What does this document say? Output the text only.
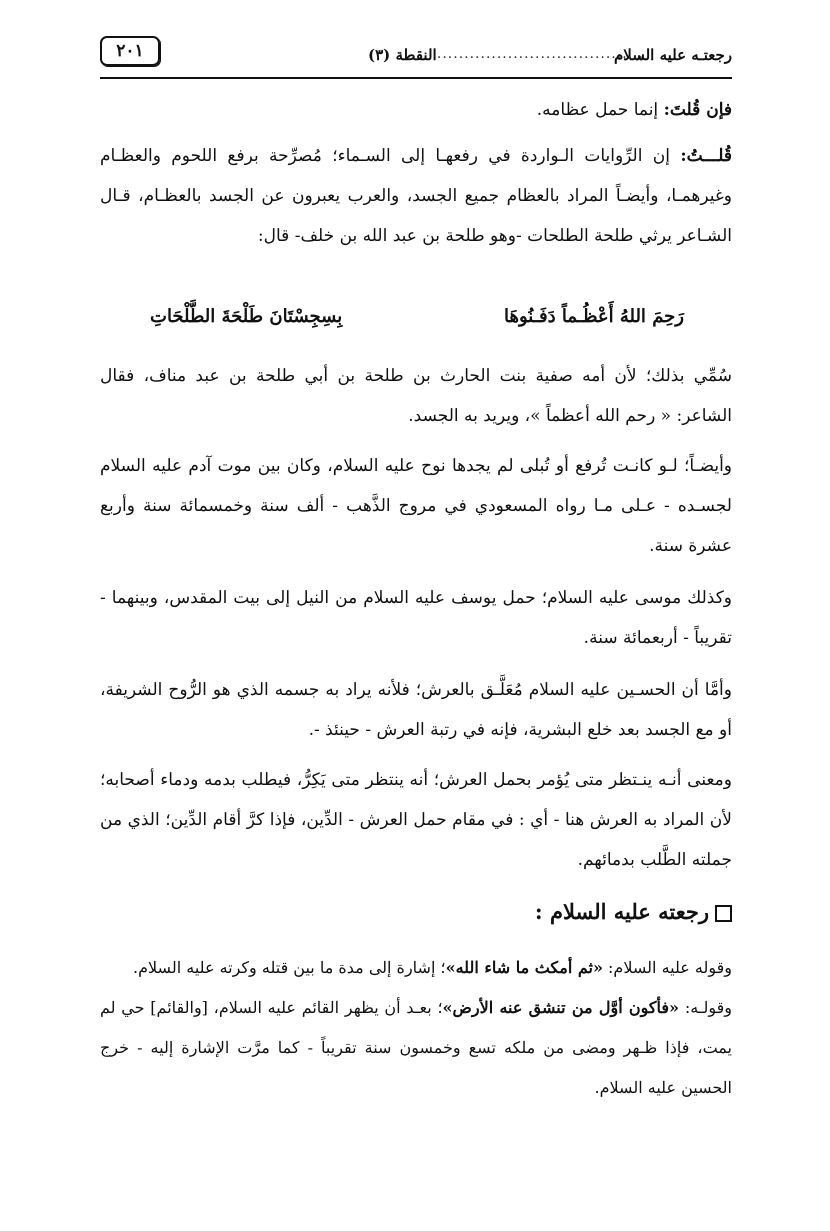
رجعتـه عليه السلام
......................................
النقطة (٣)
٢٠١
فإن قُلتَ: إنما حمل عظامه.
قُلـــتُ: إن الرِّوايات الـواردة في رفعهـا إلى السـماء؛ مُصرِّحة برفع اللحوم والعظـام وغيرهمـا، وأيضـاً المراد بالعظام جميع الجسد، والعرب يعبرون عن الجسد بالعظـام، قـال الشـاعر يرثي طلحة الطلحات -وهو طلحة بن عبد الله بن خلف- قال:
رَحِمَ اللهُ أَعْظُـماً دَفَـنُوهَا
بِسِجِسْتَانَ طَلْحَةَ الطَّلْحَاتِ
سُمِّي بذلك؛ لأن أمه صفية بنت الحارث بن طلحة بن أبي طلحة بن عبد مناف، فقال الشاعر: « رحم الله أعظماً »، ويريد به الجسد.
وأيضـاً؛ لـو كانـت تُرفع أو تُبلى لم يجدها نوح عليه السلام، وكان بين موت آدم عليه السلام لجسـده - عـلى مـا رواه المسعودي في مروج الذَّهب - ألف سنة وخمسمائة سنة وأربع عشرة سنة.
وكذلك موسى عليه السلام؛ حمل يوسف عليه السلام من النيل إلى بيت المقدس، وبينهما - تقريباً - أربعمائة سنة.
وأمَّا أن الحسـين عليه السلام مُعَلَّـق بالعرش؛ فلأنه يراد به جسمه الذي هو الرُّوح الشريفة، أو مع الجسد بعد خلع البشرية، فإنه في رتبة العرش - حينئذ -.
ومعنى أنـه ينـتظر متى يُؤمر بحمل العرش؛ أنه ينتظر متى يَكِرُّ، فيطلب بدمه ودماء أصحابه؛ لأن المراد به العرش هنا - أي : في مقام حمل العرش - الدِّين، فإذا كرَّ أقام الدِّين؛ الذي من جملته الطَّلب بدمائهم.
رجعته عليه السلام :
وقوله عليه السلام: «ثم أمكث ما شاء الله»؛ إشارة إلى مدة ما بين قتله وكرته عليه السلام.
وقولـه: «فأكون أوَّل من تنشق عنه الأرض»؛ بعـد أن يظهر القائم عليه السلام، [والقائم] حي لم يمت، فإذا ظـهر ومضى من ملكه تسع وخمسون سنة تقريباً - كما مرَّت الإشارة إليه - خرج الحسين عليه السلام.
